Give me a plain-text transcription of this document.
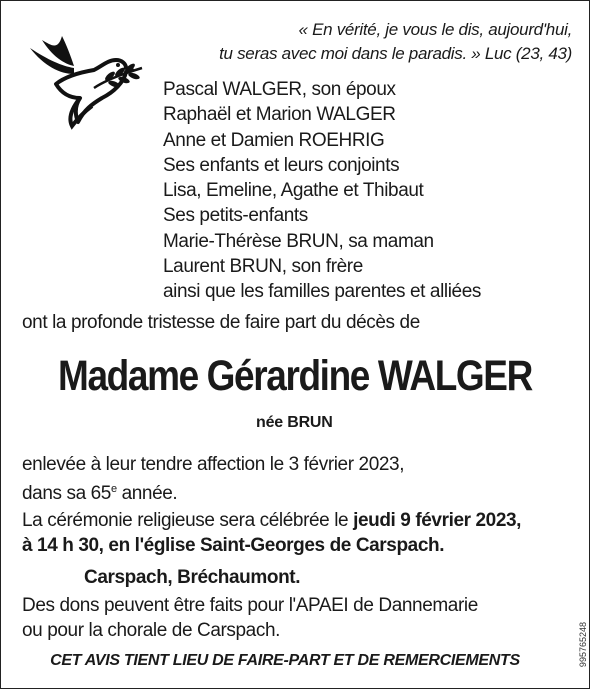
« En vérité, je vous le dis, aujourd'hui,
tu seras avec moi dans le paradis. » Luc (23, 43)
Pascal WALGER, son époux
Raphaël et Marion WALGER
Anne et Damien ROEHRIG
Ses enfants et leurs conjoints
Lisa, Emeline, Agathe et Thibaut
Ses petits-enfants
Marie-Thérèse BRUN, sa maman
Laurent BRUN, son frère
ainsi que les familles parentes et alliées
ont la profonde tristesse de faire part du décès de
Madame Gérardine WALGER
née BRUN
enlevée à leur tendre affection le 3 février 2023,
dans sa 65e année.
La cérémonie religieuse sera célébrée le jeudi 9 février 2023,
à 14 h 30, en l'église Saint-Georges de Carspach.
Carspach, Bréchaumont.
Des dons peuvent être faits pour l'APAEI de Dannemarie
ou pour la chorale de Carspach.
CET AVIS TIENT LIEU DE FAIRE-PART ET DE REMERCIEMENTS	995765248
